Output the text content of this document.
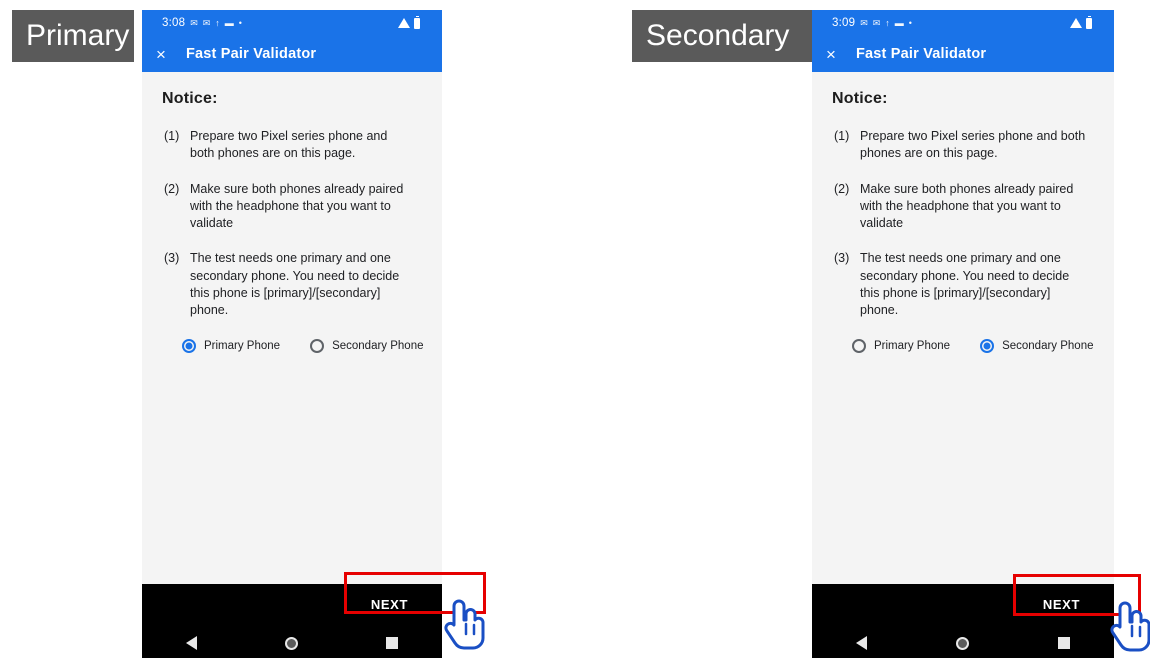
Primary	3:08 ✉ ✉ ↑ ▬ •
× Fast Pair Validator
Notice:
(1) Prepare two Pixel series phone and both phones are on this page.
(2) Make sure both phones already paired with the headphone that you want to validate
(3) The test needs one primary and one secondary phone. You need to decide this phone is [primary]/[secondary] phone.
Primary Phone	Secondary Phone
NEXT
Secondary	3:09 ✉ ✉ ↑ ▬ •
× Fast Pair Validator
Notice:
(1) Prepare two Pixel series phone and both phones are on this page.
(2) Make sure both phones already paired with the headphone that you want to validate
(3) The test needs one primary and one secondary phone. You need to decide this phone is [primary]/[secondary] phone.
Primary Phone	Secondary Phone
NEXT
